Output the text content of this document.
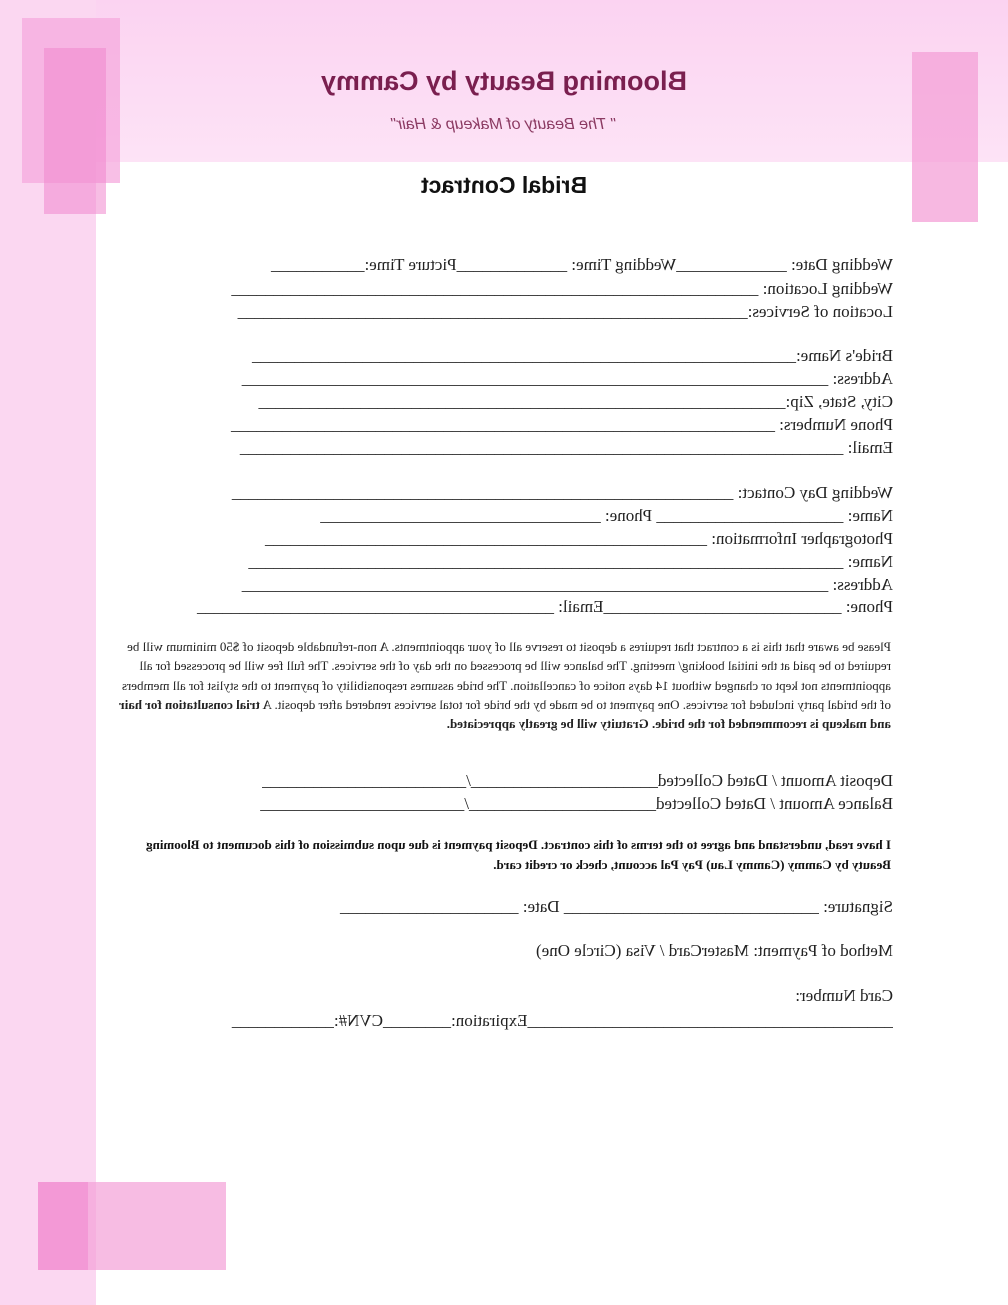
Blooming Beauty by Cammy
" The Beauty of Makeup & Hair"
Bridal Contract
Wedding Date: _____________Wedding Time: _____________Picture Time:___________
Wedding Location: ______________________________________________________________
Location of Services:____________________________________________________________
Bride's Name:________________________________________________________________
Address: _____________________________________________________________________
City, State, Zip:______________________________________________________________
Phone Numbers: ________________________________________________________________
Email: _______________________________________________________________________
Wedding Day Contact: ___________________________________________________________
Name: ______________________ Phone: _________________________________
Photographer Information: ____________________________________________________
Name: ______________________________________________________________________
Address: _____________________________________________________________________
Phone: ____________________________Email: __________________________________________

Please be aware that this is a contract that requires a deposit to reserve all of your appointments. A non-refundable deposit of $50 minimum will be required to be paid at the initial booking/ meeting. The balance will be processed on the day of the services. The full fee will be processed for all appointments not kept or changed without 14 days notice of cancellation. The bride assumes responsibility of payment to the stylist for all members of the bridal party included for services. One payment to be made by the bride for total services rendered after deposit. A trial consultation for hair and makeup is recommended for the bride. Gratuity will be greatly appreciated.

Deposit Amount / Dated Collected______________________/________________________
Balance Amount / Dated Collected______________________/________________________
I have read, understand and agree to the terms of this contract. Deposit payment is due upon submission of this document to Blooming Beauty by Cammy (Cammy Lau) Pay Pal account, check or credit card.
Signature: ______________________________ Date: _____________________
Method of Payment: MasterCard / Visa (Circle One)
Card Number:
___________________________________________Expiration:________CVN#:____________
